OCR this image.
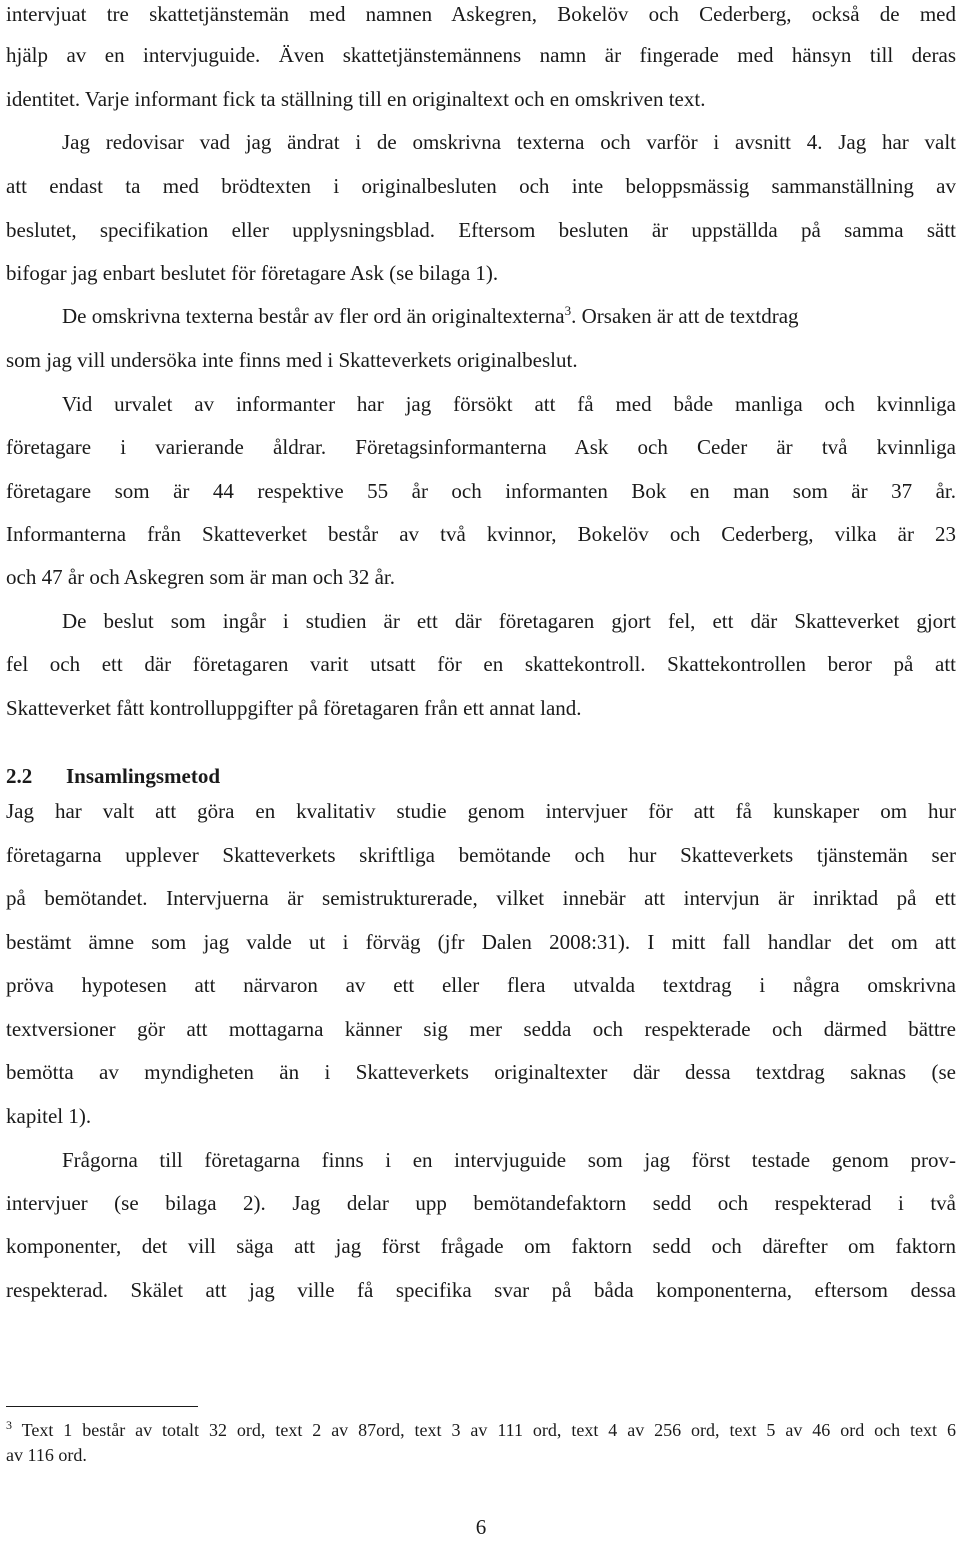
intervjuat tre skattetjänstemän med namnen Askegren, Bokelöv och Cederberg, också de med
hjälp av en intervjuguide. Även skattetjänstemännens namn är fingerade med hänsyn till deras
identitet. Varje informant fick ta ställning till en originaltext och en omskriven text.
Jag redovisar vad jag ändrat i de omskrivna texterna och varför i avsnitt 4. Jag har valt
att endast ta med brödtexten i originalbesluten och inte beloppsmässig sammanställning av
beslutet, specifikation eller upplysningsblad. Eftersom besluten är uppställda på samma sätt
bifogar jag enbart beslutet för företagare Ask (se bilaga 1).
De omskrivna texterna består av fler ord än originaltexterna$^3$. Orsaken är att de textdrag
som jag vill undersöka inte finns med i Skatteverkets originalbeslut.
Vid urvalet av informanter har jag försökt att få med både manliga och kvinnliga
företagare i varierande åldrar. Företagsinformanterna Ask och Ceder är två kvinnliga
företagare som är 44 respektive 55 år och informanten Bok en man som är 37 år.
Informanterna från Skatteverket består av två kvinnor, Bokelöv och Cederberg, vilka är 23
och 47 år och Askegren som är man och 32 år.
De beslut som ingår i studien är ett där företagaren gjort fel, ett där Skatteverket gjort
fel och ett där företagaren varit utsatt för en skattekontroll. Skattekontrollen beror på att
Skatteverket fått kontrolluppgifter på företagaren från ett annat land.
2.2 Insamlingsmetod
Jag har valt att göra en kvalitativ studie genom intervjuer för att få kunskaper om hur
företagarna upplever Skatteverkets skriftliga bemötande och hur Skatteverkets tjänstemän ser
på bemötandet. Intervjuerna är semistrukturerade, vilket innebär att intervjun är inriktad på ett
bestämt ämne som jag valde ut i förväg (jfr Dalen 2008:31). I mitt fall handlar det om att
pröva hypotesen att närvaron av ett eller flera utvalda textdrag i några omskrivna
textversioner gör att mottagarna känner sig mer sedda och respekterade och därmed bättre
bemötta av myndigheten än i Skatteverkets originaltexter där dessa textdrag saknas (se
kapitel 1).
Frågorna till företagarna finns i en intervjuguide som jag först testade genom prov-
intervjuer (se bilaga 2). Jag delar upp bemötandefaktorn sedd och respekterad i två
komponenter, det vill säga att jag först frågade om faktorn sedd och därefter om faktorn
respekterad. Skälet att jag ville få specifika svar på båda komponenterna, eftersom dessa
$^3$ Text 1 består av totalt 32 ord, text 2 av 87ord, text 3 av 111 ord, text 4 av 256 ord, text 5 av 46 ord och text 6
av 116 ord.
6
